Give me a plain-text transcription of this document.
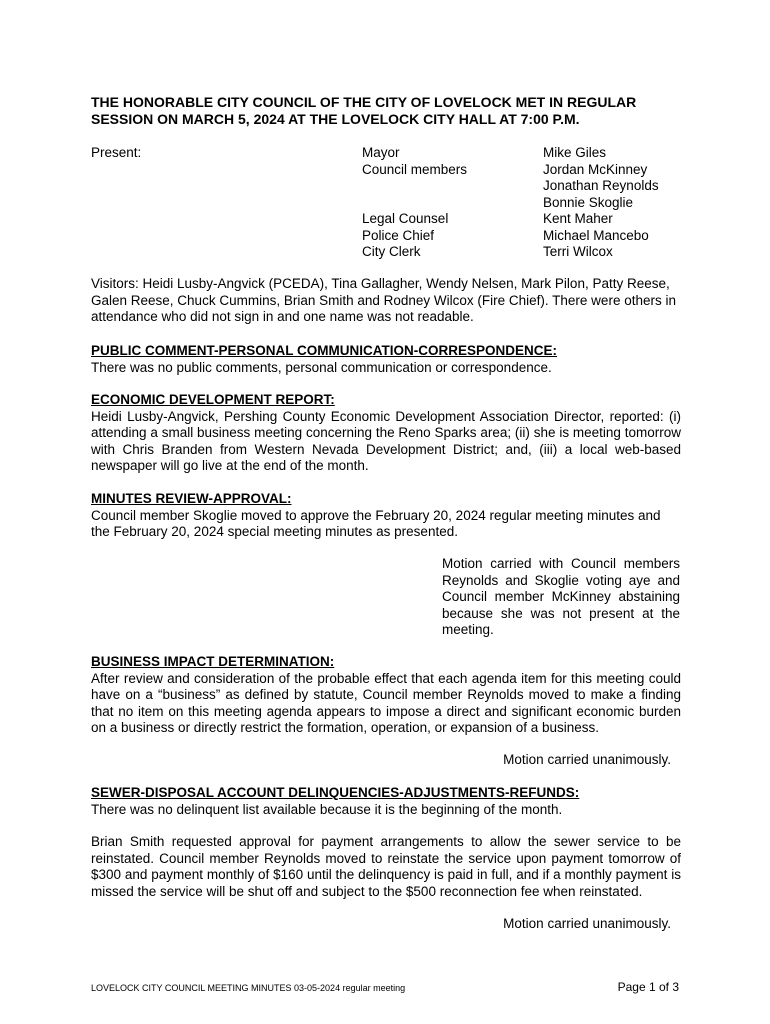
THE HONORABLE CITY COUNCIL OF THE CITY OF LOVELOCK MET IN REGULAR SESSION ON MARCH 5, 2024 AT THE LOVELOCK CITY HALL AT 7:00 P.M.
Present:	Mayor
Council members
Legal Counsel
Police Chief
City Clerk
Mike Giles
Jordan McKinney
Jonathan Reynolds
Bonnie Skoglie
Kent Maher
Michael Mancebo
Terri Wilcox
Visitors: Heidi Lusby-Angvick (PCEDA), Tina Gallagher, Wendy Nelsen, Mark Pilon, Patty Reese, Galen Reese, Chuck Cummins, Brian Smith and Rodney Wilcox (Fire Chief). There were others in attendance who did not sign in and one name was not readable.
PUBLIC COMMENT-PERSONAL COMMUNICATION-CORRESPONDENCE:
There was no public comments, personal communication or correspondence.
ECONOMIC DEVELOPMENT REPORT:
Heidi Lusby-Angvick, Pershing County Economic Development Association Director, reported: (i) attending a small business meeting concerning the Reno Sparks area; (ii) she is meeting tomorrow with Chris Branden from Western Nevada Development District; and, (iii) a local web-based newspaper will go live at the end of the month.
MINUTES REVIEW-APPROVAL:
Council member Skoglie moved to approve the February 20, 2024 regular meeting minutes and the February 20, 2024 special meeting minutes as presented.
Motion carried with Council members Reynolds and Skoglie voting aye and Council member McKinney abstaining because she was not present at the meeting.
BUSINESS IMPACT DETERMINATION:
After review and consideration of the probable effect that each agenda item for this meeting could have on a “business” as defined by statute, Council member Reynolds moved to make a finding that no item on this meeting agenda appears to impose a direct and significant economic burden on a business or directly restrict the formation, operation, or expansion of a business.
Motion carried unanimously.
SEWER-DISPOSAL ACCOUNT DELINQUENCIES-ADJUSTMENTS-REFUNDS:
There was no delinquent list available because it is the beginning of the month.
Brian Smith requested approval for payment arrangements to allow the sewer service to be reinstated. Council member Reynolds moved to reinstate the service upon payment tomorrow of $300 and payment monthly of $160 until the delinquency is paid in full, and if a monthly payment is missed the service will be shut off and subject to the $500 reconnection fee when reinstated.
Motion carried unanimously.
LOVELOCK CITY COUNCIL MEETING MINUTES 03-05-2024 regular meeting	Page 1 of 3
